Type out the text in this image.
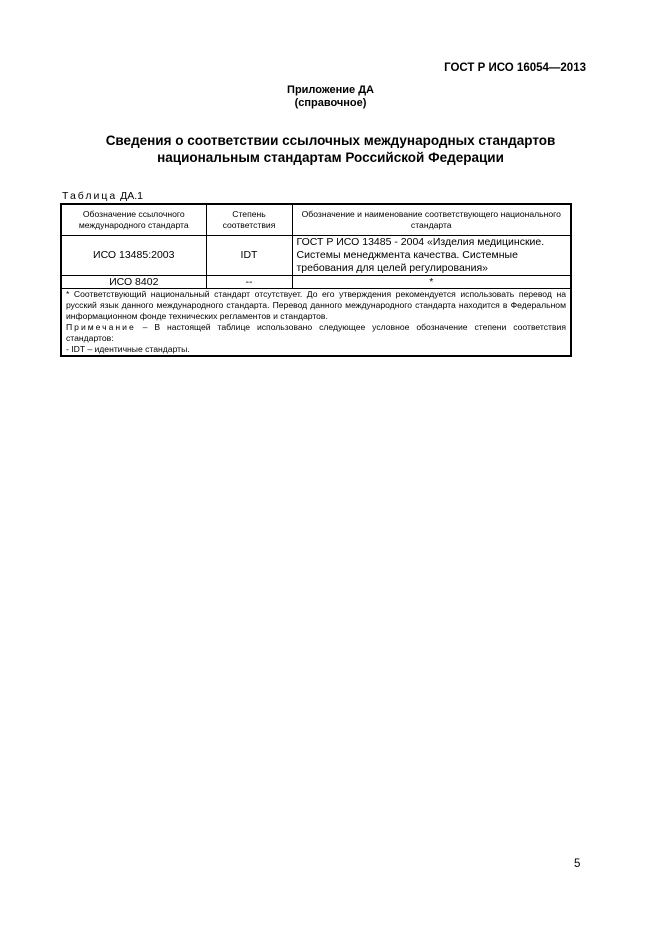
ГОСТ Р ИСО 16054—2013
Приложение ДА
(справочное)
Сведения о соответствии ссылочных международных стандартов
национальным стандартам Российской Федерации
Таблица ДА.1
Обозначение ссылочного международного стандарта	Степень соответствия	Обозначение и наименование соответствующего национального стандарта
ИСО 13485:2003	IDT	ГОСТ Р ИСО 13485 - 2004 «Изделия медицинские. Системы менеджмента качества. Системные требования для целей регулирования»
ИСО 8402	--	*

* Соответствующий национальный стандарт отсутствует. До его утверждения рекомендуется использовать перевод на русский язык данного международного стандарта. Перевод данного международного стандарта находится в Федеральном информационном фонде технических регламентов и стандартов.

Примечание – В настоящей таблице использовано следующее условное обозначение степени соответствия стандартов:

- IDT – идентичные стандарты.		

5
